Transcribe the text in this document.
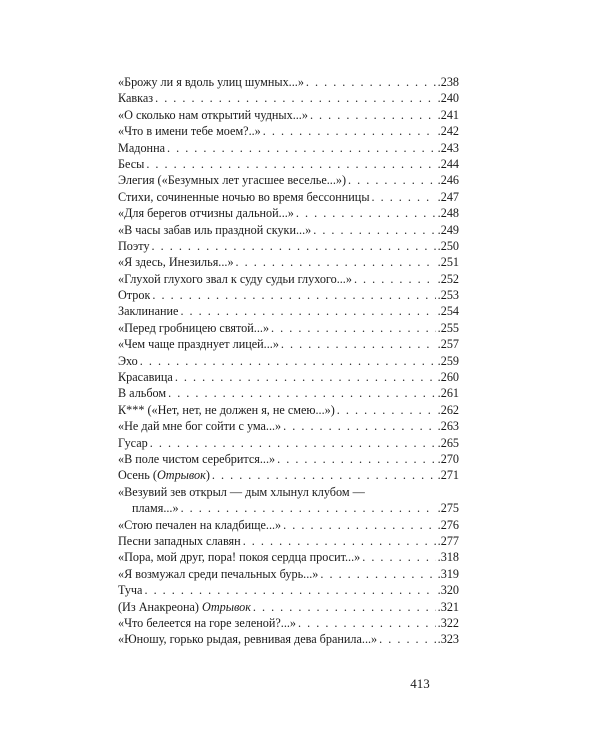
«Брожу ли я вдоль улиц шумных...» . . .	.238
Кавказ . . .	.240
«О сколько нам открытий чудных...» . . .	.241
«Что в имени тебе моем?..» . . .	.242
Мадонна . . .	.243
Бесы . . .	.244
Элегия («Безумных лет угасшее веселье...») . . .	.246
Стихи, сочиненные ночью во время бессонницы . . .	.247
«Для берегов отчизны дальной...» . . .	.248
«В часы забав иль праздной скуки...» . . .	.249
Поэту . . .	.250
«Я здесь, Инезилья...» . . .	.251
«Глухой глухого звал к суду судьи глухого...» . . .	.252
Отрок . . .	.253
Заклинание . . .	.254
«Перед гробницею святой...» . . .	.255
«Чем чаще празднует лицей...» . . .	.257
Эхо . . .	.259
Красавица . . .	.260
В альбом . . .	.261
К*** («Нет, нет, не должен я, не смею...») . . .	.262
«Не дай мне бог сойти с ума...» . . .	.263
Гусар . . .	.265
«В поле чистом серебрится...» . . .	.270
Осень (Отрывок) . . .	.271
«Везувий зев открыл — дым хлынул клубом —
пламя...» . . .	.275
«Стою печален на кладбище...» . . .	.276
Песни западных славян . . .	.277
«Пора, мой друг, пора! покоя сердца просит...» . . .	.318
«Я возмужал среди печальных бурь...» . . .	.319
Туча . . .	.320
(Из Анакреона) Отрывок . . .	.321
«Что белеется на горе зеленой?...» . . .	.322
«Юношу, горько рыдая, ревнивая дева бранила...» . . .	.323
413
